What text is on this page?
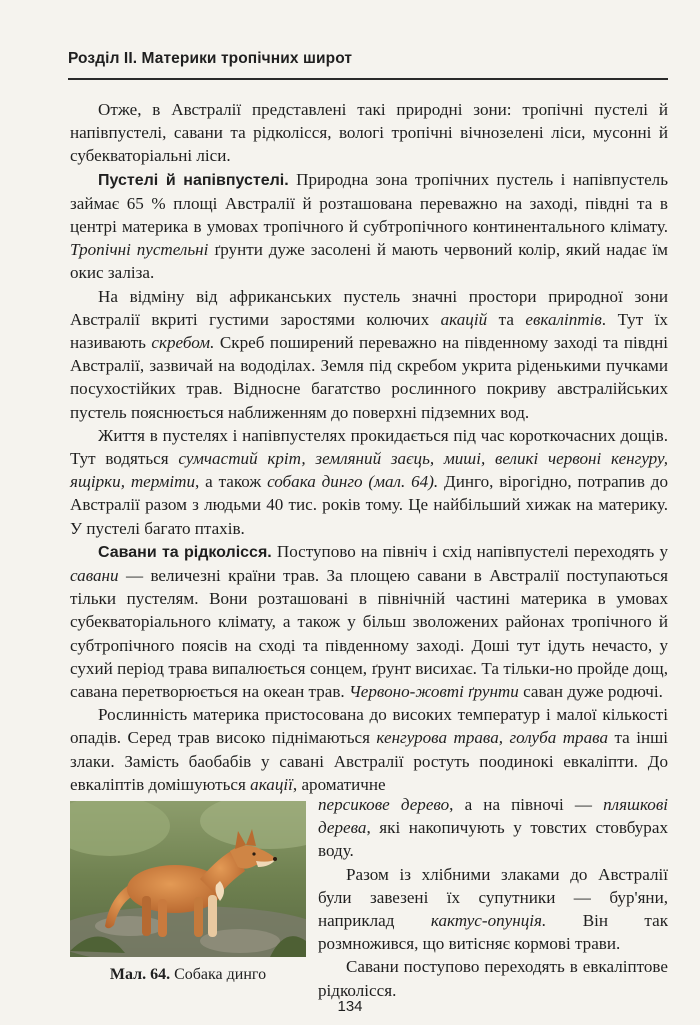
Розділ II. Материки тропічних широт

Отже, в Австралії представлені такі природні зони: тропічні пустелі й напівпустелі, савани та рідколісся, вологі тропічні вічнозелені ліси, мусонні й субекваторіальні ліси.

Пустелі й напівпустелі. Природна зона тропічних пустель і напівпустель займає 65 % площі Австралії й розташована переважно на заході, півдні та в центрі материка в умовах тропічного й субтропічного континентального клімату. Тропічні пустельні ґрунти дуже засолені й мають червоний колір, який надає їм окис заліза.

На відміну від африканських пустель значні простори природної зони Австралії вкриті густими заростями колючих акацій та евкаліптів. Тут їх називають скребом. Скреб поширений переважно на південному заході та півдні Австралії, зазвичай на вододілах. Земля під скребом укрита рідeнькими пучками посухостійких трав. Відносне багатство рослинного покриву австралійських пустель пояснюється наближенням до поверхні підземних вод.

Життя в пустелях і напівпустелях прокидається під час короткочасних дощів. Тут водяться сумчастий кріт, земляний заєць, миші, великі червоні кенгуру, ящірки, терміти, а також собака динго (мал. 64). Динго, вірогідно, потрапив до Австралії разом з людьми 40 тис. років тому. Це найбільший хижак на материку. У пустелі багато птахів.

Савани та рідколісся. Поступово на північ і схід напівпустелі переходять у савани — величезні країни трав. За площею савани в Австралії поступаються тільки пустелям. Вони розташовані в північній частині материка в умовах субекваторіального клімату, а також у більш зволожених районах тропічного й субтропічного поясів на сході та південному заході. Доші тут ідуть нечасто, у сухий період трава випалюється сонцем, ґрунт висихає. Та тільки-но пройде дощ, савана перетворюється на океан трав. Червоно-жовті ґрунти саван дуже родючі.

Рослинність материка пристосована до високих температур і малої кількості опадів. Серед трав високо піднімаються кенгурова трава, голуба трава та інші злаки. Замість баобабів у савані Австралії ростуть поодинокі евкаліпти. До евкаліптів домішуються акації, ароматичне

Мал. 64. Собака динго

персикове дерево, а на півночі — пляшкові дерева, які накопичують у товстих стовбурах воду.

Разом із хлібними злаками до Австралії були завезені їх супутники — бур'яни, наприклад кактус-опунція. Він так розмножився, що витісняє кормові трави.

Савани поступово переходять в евкаліптове рідколісся.

134
